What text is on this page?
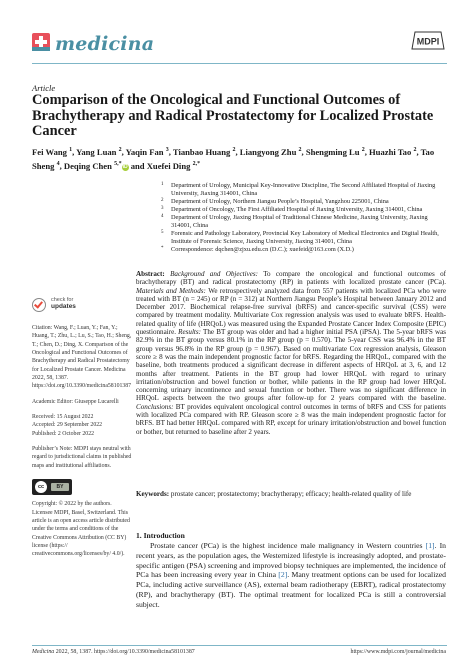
medicina	MDPI
Article
Comparison of the Oncological and Functional Outcomes of Brachytherapy and Radical Prostatectomy for Localized Prostate Cancer
Fei Wang $^1$, Yang Luan $^2$, Yaqin Fan $^3$, Tianbao Huang $^2$, Liangyong Zhu $^2$, Shengming Lu $^2$, Huazhi Tao $^2$, Tao Sheng $^4$, Deqing Chen $^{5,*}$iD and Xuefei Ding $^{2,*}$
1 Department of Urology, Municipal Key-Innovative Discipline, The Second Affiliated Hospital of Jiaxing University, Jiaxing 314001, China
2 Department of Urology, Northern Jiangsu People’s Hospital, Yangzhou 225001, China
3 Department of Oncology, The First Affiliated Hospital of Jiaxing University, Jiaxing 314001, China
4 Department of Urology, Jiaxing Hospital of Traditional Chinese Medicine, Jiaxing University, Jiaxing 314001, China
5 Forensic and Pathology Laboratory, Provincial Key Laboratory of Medical Electronics and Digital Health, Institute of Forensic Science, Jiaxing University, Jiaxing 314001, China
* Correspondence: dqchen@zjxu.edu.cn (D.C.); xuefeid@163.com (X.D.)

Abstract: Background and Objectives: To compare the oncological and functional outcomes of brachytherapy (BT) and radical prostatectomy (RP) in patients with localized prostate cancer (PCa). Materials and Methods: We retrospectively analyzed data from 557 patients with localized PCa who were treated with BT (n = 245) or RP (n = 312) at Northern Jiangsu People’s Hospital between January 2012 and December 2017. Biochemical relapse-free survival (bRFS) and cancer-specific survival (CSS) were compared by treatment modality. Multivariate Cox regression analysis was used to evaluate bRFS. Health-related quality of life (HRQoL) was measured using the Expanded Prostate Cancer Index Composite (EPIC) questionnaire. Results: The BT group was older and had a higher initial PSA (iPSA). The 5-year bRFS was 82.9% in the BT group versus 80.1% in the RP group (p = 0.570). The 5-year CSS was 96.4% in the BT group versus 96.8% in the RP group (p = 0.967). Based on multivariate Cox regression analysis, Gleason score ≥ 8 was the main independent prognostic factor for bRFS. Regarding the HRQoL, compared with the baseline, both treatments produced a significant decrease in different aspects of HRQoL at 3, 6, and 12 months after treatment. Patients in the BT group had lower HRQoL with regard to urinary irritation/obstruction and bowel function or bother, while patients in the RP group had lower HRQoL concerning urinary incontinence and sexual function or bother. There was no significant difference in HRQoL aspects between the two groups after follow-up for 2 years compared with the baseline. Conclusions: BT provides equivalent oncological control outcomes in terms of bRFS and CSS for patients with localized PCa compared with RP. Gleason score ≥ 8 was the main independent prognostic factor for bRFS. BT had better HRQoL compared with RP, except for urinary irritation/obstruction and bowel function or bother, but returned to baseline after 2 years.

Keywords: prostate cancer; prostatectomy; brachytherapy; efficacy; health-related quality of life
check for
updates
Citation: Wang, F.; Luan, Y.; Fan, Y.; Huang, T.; Zhu, L.; Lu, S.; Tao, H.; Sheng, T.; Chen, D.; Ding, X. Comparison of the Oncological and Functional Outcomes of Brachytherapy and Radical Prostatectomy for Localized Prostate Cancer. Medicina 2022, 58, 1387. https://doi.org/10.3390/medicina58101387
Academic Editor: Giuseppe Lucarelli
Received: 15 August 2022
Accepted: 29 September 2022
Published: 2 October 2022
Publisher’s Note: MDPI stays neutral with regard to jurisdictional claims in published maps and institutional affiliations.
cc	BY
Copyright: © 2022 by the authors. Licensee MDPI, Basel, Switzerland. This article is an open access article distributed under the terms and conditions of the Creative Commons Attribution (CC BY) license (https:// creativecommons.org/licenses/by/ 4.0/).
1. Introduction

Prostate cancer (PCa) is the highest incidence male malignancy in Western countries [1]. In recent years, as the population ages, the Westernized lifestyle is increasingly adopted, and prostate-specific antigen (PSA) screening and improved biopsy techniques are implemented, the incidence of PCa has been increasing every year in China [2]. Many treatment options can be used for localized PCa, including active surveillance (AS), external beam radiotherapy (EBRT), radical prostatectomy (RP), and brachytherapy (BT). The optimal treatment for localized PCa is still a controversial subject.

Medicina 2022, 58, 1387. https://doi.org/10.3390/medicina58101387	https://www.mdpi.com/journal/medicina
